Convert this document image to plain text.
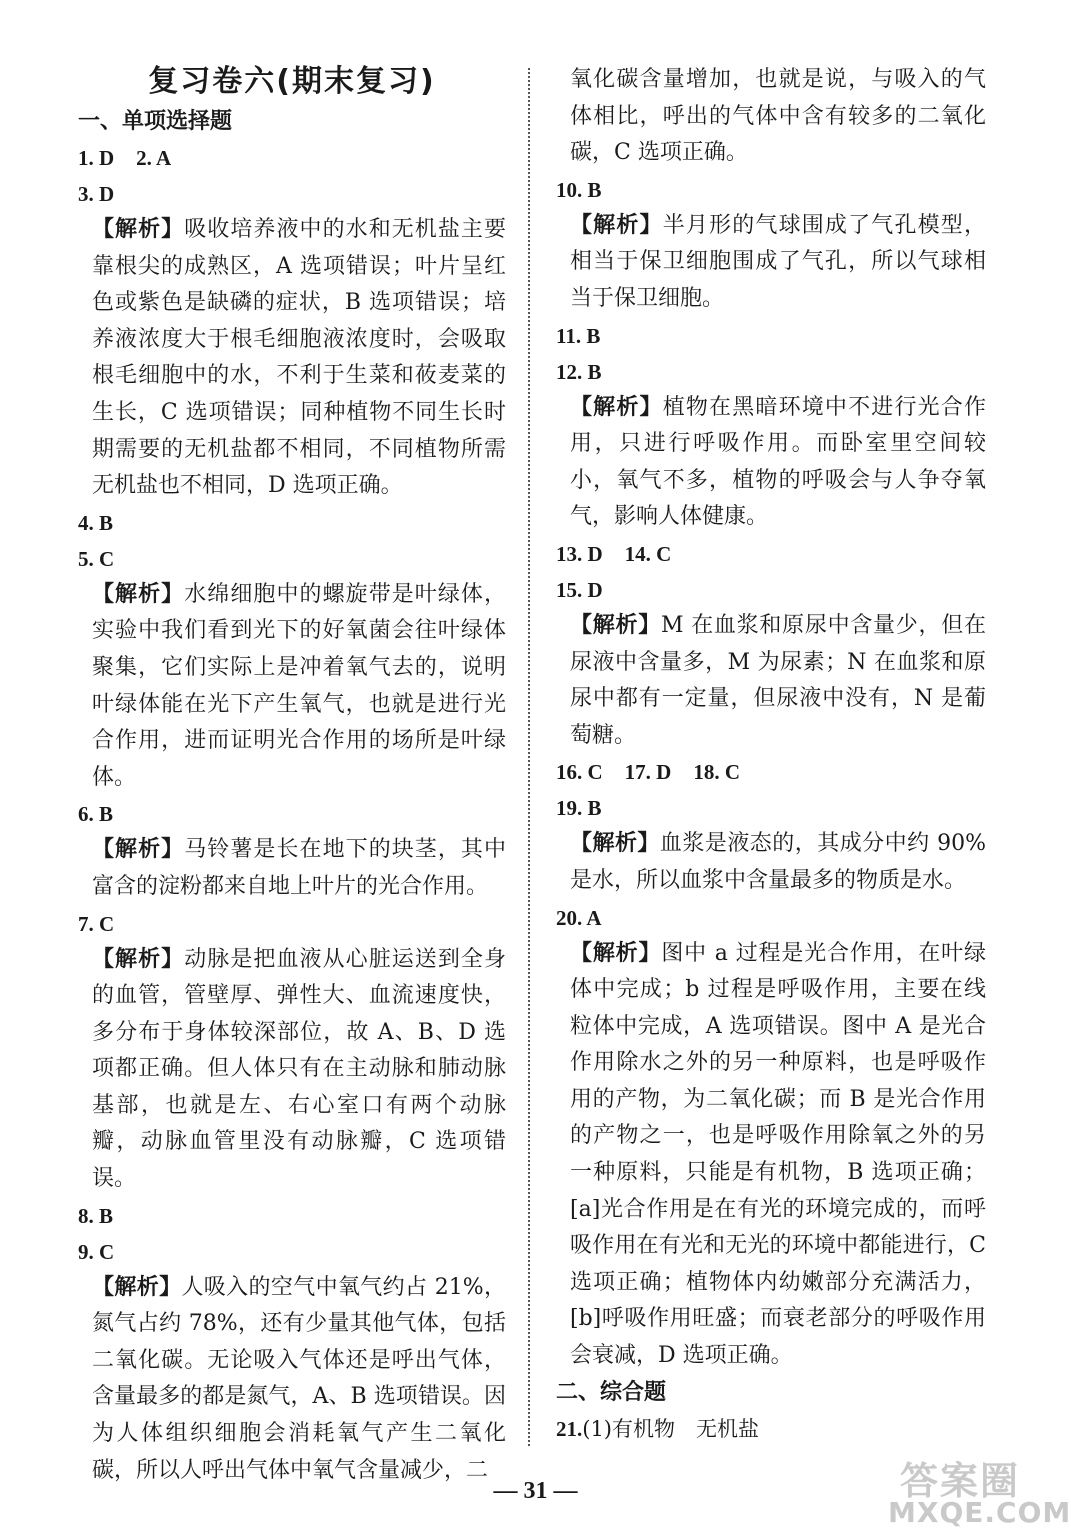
复习卷六(期末复习)
一、单项选择题
1. D 2. A
3. D
【解析】吸收培养液中的水和无机盐主要靠根尖的成熟区，A 选项错误；叶片呈红色或紫色是缺磷的症状，B 选项错误；培养液浓度大于根毛细胞液浓度时，会吸取根毛细胞中的水，不利于生菜和莜麦菜的生长，C 选项错误；同种植物不同生长时期需要的无机盐都不相同，不同植物所需无机盐也不相同，D 选项正确。
4. B
5. C
【解析】水绵细胞中的螺旋带是叶绿体，实验中我们看到光下的好氧菌会往叶绿体聚集，它们实际上是冲着氧气去的，说明叶绿体能在光下产生氧气，也就是进行光合作用，进而证明光合作用的场所是叶绿体。
6. B
【解析】马铃薯是长在地下的块茎，其中富含的淀粉都来自地上叶片的光合作用。
7. C
【解析】动脉是把血液从心脏运送到全身的血管，管壁厚、弹性大、血流速度快，多分布于身体较深部位，故 A、B、D 选项都正确。但人体只有在主动脉和肺动脉基部，也就是左、右心室口有两个动脉瓣，动脉血管里没有动脉瓣，C 选项错误。
8. B
9. C
【解析】人吸入的空气中氧气约占 21%，氮气占约 78%，还有少量其他气体，包括二氧化碳。无论吸入气体还是呼出气体，含量最多的都是氮气，A、B 选项错误。因为人体组织细胞会消耗氧气产生二氧化碳，所以人呼出气体中氧气含量减少，二
氧化碳含量增加，也就是说，与吸入的气体相比，呼出的气体中含有较多的二氧化碳，C 选项正确。
10. B
【解析】半月形的气球围成了气孔模型，相当于保卫细胞围成了气孔，所以气球相当于保卫细胞。
11. B
12. B
【解析】植物在黑暗环境中不进行光合作用，只进行呼吸作用。而卧室里空间较小，氧气不多，植物的呼吸会与人争夺氧气，影响人体健康。
13. D 14. C
15. D
【解析】M 在血浆和原尿中含量少，但在尿液中含量多，M 为尿素；N 在血浆和原尿中都有一定量，但尿液中没有，N 是葡萄糖。
16. C 17. D 18. C
19. B
【解析】血浆是液态的，其成分中约 90% 是水，所以血浆中含量最多的物质是水。
20. A
【解析】图中 a 过程是光合作用，在叶绿体中完成；b 过程是呼吸作用，主要在线粒体中完成，A 选项错误。图中 A 是光合作用除水之外的另一种原料，也是呼吸作用的产物，为二氧化碳；而 B 是光合作用的产物之一，也是呼吸作用除氧之外的另一种原料，只能是有机物，B 选项正确；[a]光合作用是在有光的环境完成的，而呼吸作用在有光和无光的环境中都能进行，C 选项正确；植物体内幼嫩部分充满活力，[b]呼吸作用旺盛；而衰老部分的呼吸作用会衰减，D 选项正确。
二、综合题
21.(1)有机物　无机盐
— 31 —	答案圈
MXQE.COM
